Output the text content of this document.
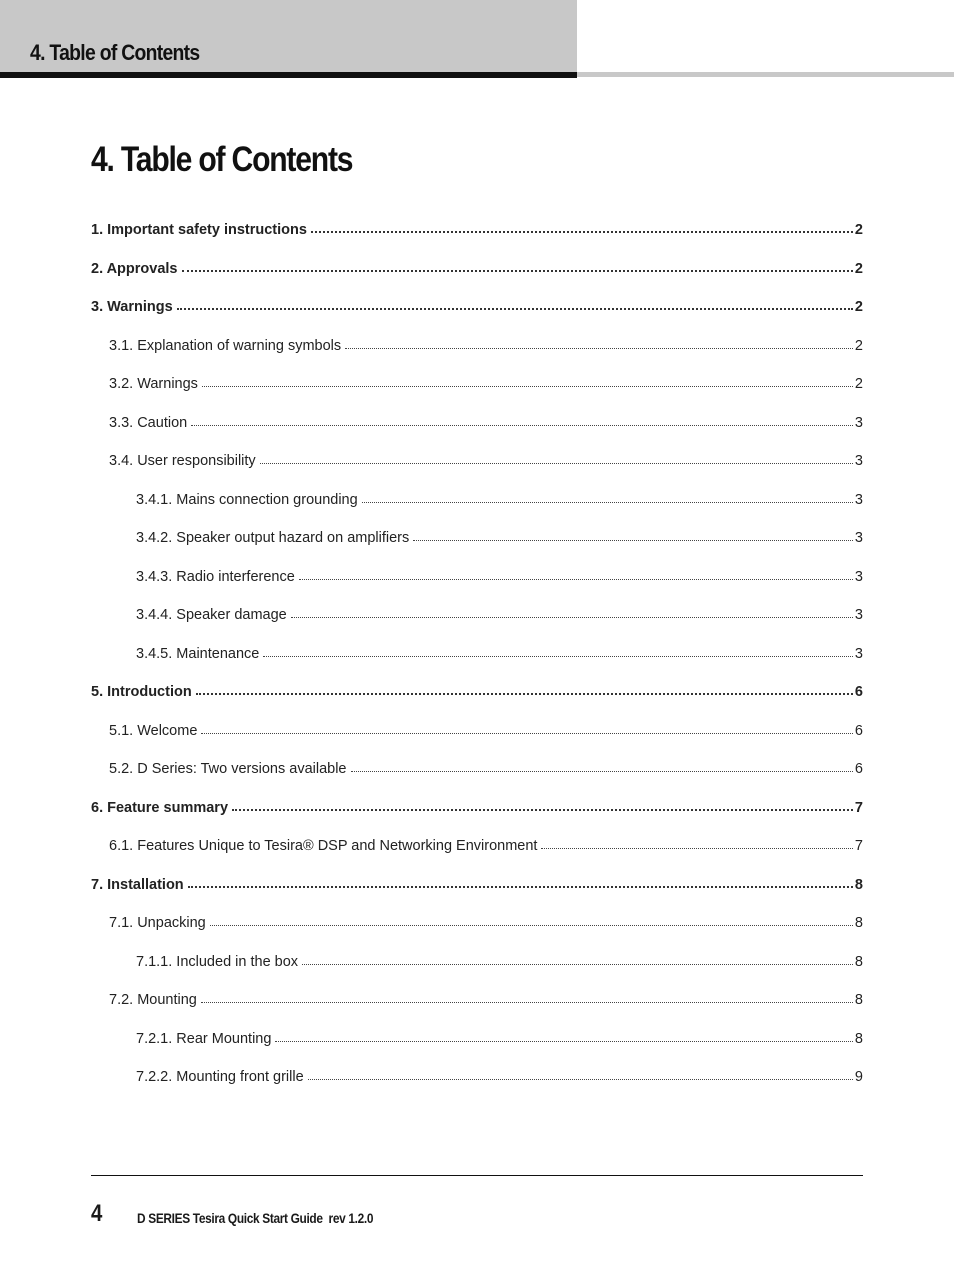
4. Table of Contents
4. Table of Contents
1. Important safety instructions	2
2. Approvals	2
3. Warnings	2
3.1. Explanation of warning symbols	2
3.2. Warnings	2
3.3. Caution	3
3.4. User responsibility	3
3.4.1. Mains connection grounding	3
3.4.2. Speaker output hazard on amplifiers	3
3.4.3. Radio interference	3
3.4.4. Speaker damage	3
3.4.5. Maintenance	3
5. Introduction	6
5.1. Welcome	6
5.2. D Series: Two versions available	6
6. Feature summary	7
6.1. Features Unique to Tesira® DSP and Networking Environment	7
7. Installation	8
7.1. Unpacking	8
7.1.1. Included in the box	8
7.2. Mounting	8
7.2.1. Rear Mounting	8
7.2.2. Mounting front grille	9
4 D SERIES Tesira Quick Start Guide  rev 1.2.0
